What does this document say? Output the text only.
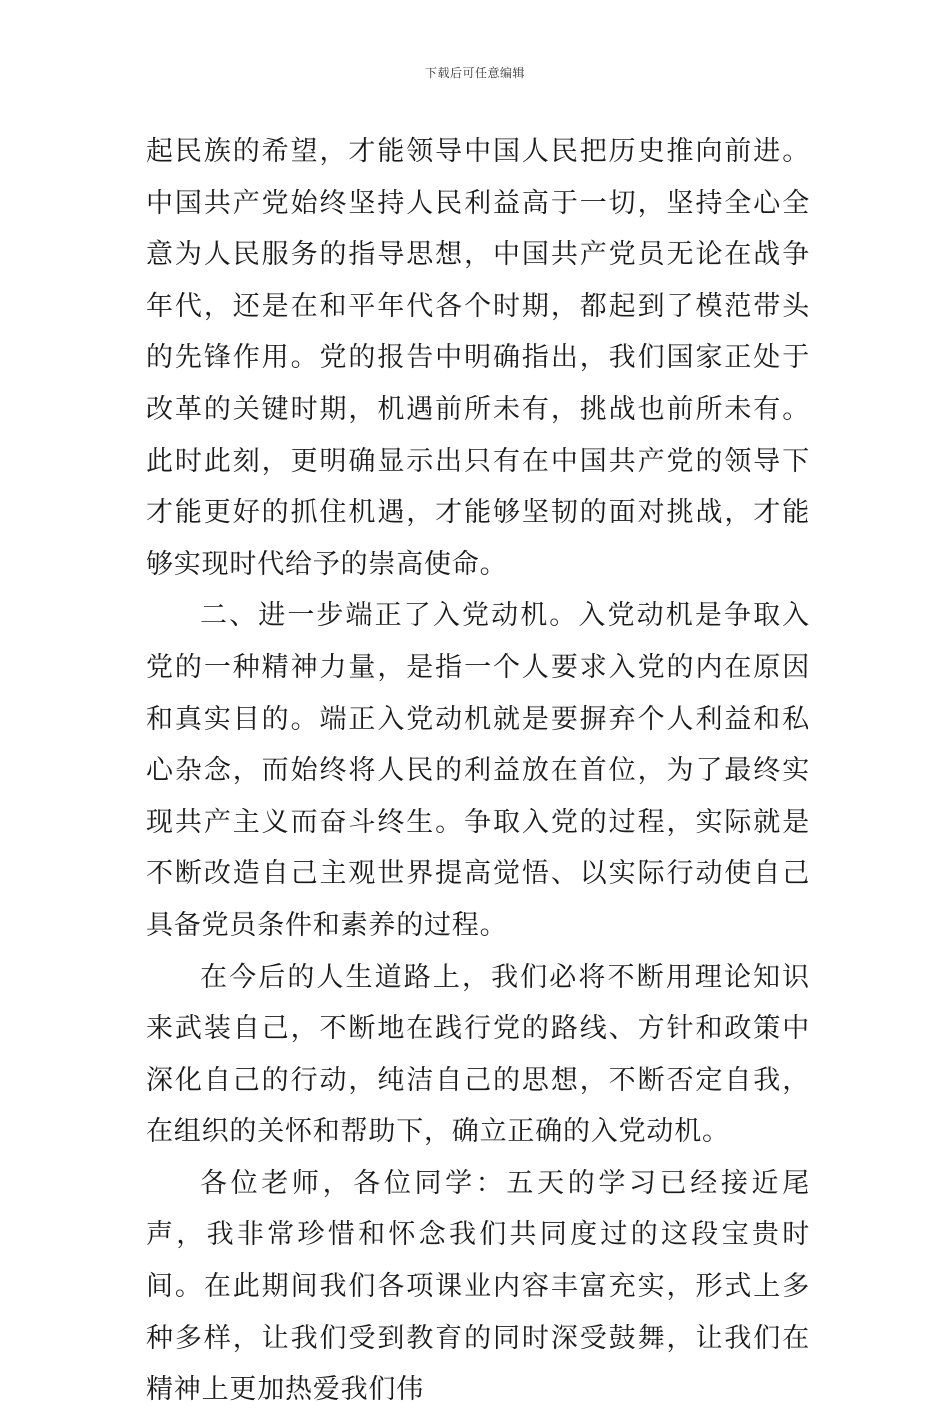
下载后可任意编辑

起民族的希望，才能领导中国人民把历史推向前进。中国共产党始终坚持人民利益高于一切，坚持全心全意为人民服务的指导思想，中国共产党员无论在战争年代，还是在和平年代各个时期，都起到了模范带头的先锋作用。党的报告中明确指出，我们国家正处于改革的关键时期，机遇前所未有，挑战也前所未有。此时此刻，更明确显示出只有在中国共产党的领导下才能更好的抓住机遇，才能够坚韧的面对挑战，才能够实现时代给予的崇高使命。

二、进一步端正了入党动机。入党动机是争取入党的一种精神力量，是指一个人要求入党的内在原因和真实目的。端正入党动机就是要摒弃个人利益和私心杂念，而始终将人民的利益放在首位，为了最终实现共产主义而奋斗终生。争取入党的过程，实际就是不断改造自己主观世界提高觉悟、以实际行动使自己具备党员条件和素养的过程。

在今后的人生道路上，我们必将不断用理论知识来武装自己，不断地在践行党的路线、方针和政策中深化自己的行动，纯洁自己的思想，不断否定自我，在组织的关怀和帮助下，确立正确的入党动机。

各位老师，各位同学：五天的学习已经接近尾声，我非常珍惜和怀念我们共同度过的这段宝贵时间。在此期间我们各项课业内容丰富充实，形式上多种多样，让我们受到教育的同时深受鼓舞，让我们在精神上更加热爱我们伟
